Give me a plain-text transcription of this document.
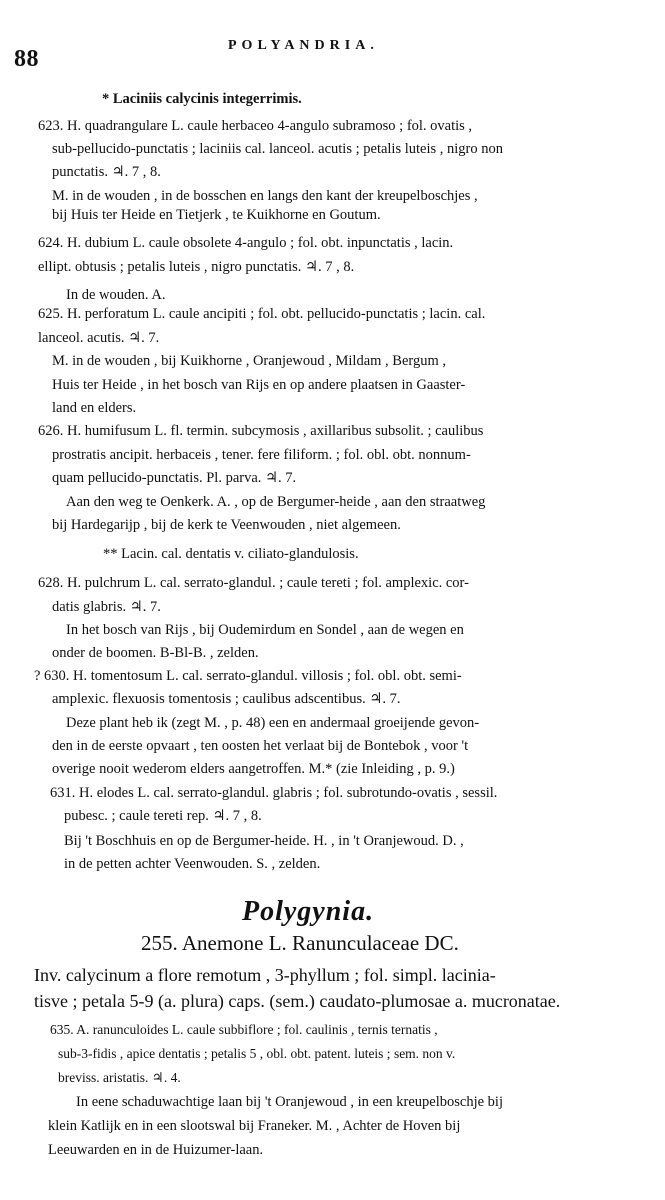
88
POLYANDRIA.
* Laciniis calycinis integerrimis.
623. H. quadrangulare L. caule herbaceo 4-angulo subramoso ; fol. ovatis ,
sub-pellucido-punctatis ; laciniis cal. lanceol. acutis ; petalis luteis , nigro non
punctatis. ♃. 7 , 8.
M. in de wouden , in de bosschen en langs den kant der kreupelboschjes ,
bij Huis ter Heide en Tietjerk , te Kuikhorne en Goutum.
624. H. dubium L. caule obsolete 4-angulo ; fol. obt. inpunctatis , lacin.
ellipt. obtusis ; petalis luteis , nigro punctatis. ♃. 7 , 8.
In de wouden. A.
625. H. perforatum L. caule ancipiti ; fol. obt. pellucido-punctatis ; lacin. cal.
lanceol. acutis. ♃. 7.
M. in de wouden , bij Kuikhorne , Oranjewoud , Mildam , Bergum ,
Huis ter Heide , in het bosch van Rijs en op andere plaatsen in Gaaster-
land en elders.
626. H. humifusum L. fl. termin. subcymosis , axillaribus subsolit. ; caulibus
prostratis ancipit. herbaceis , tener. fere filiform. ; fol. obl. obt. nonnum-
quam pellucido-punctatis. Pl. parva. ♃. 7.
Aan den weg te Oenkerk. A. , op de Bergumer-heide , aan den straatweg
bij Hardegarijp , bij de kerk te Veenwouden , niet algemeen.
** Lacin. cal. dentatis v. ciliato-glandulosis.
628. H. pulchrum L. cal. serrato-glandul. ; caule tereti ; fol. amplexic. cor-
datis glabris. ♃. 7.
In het bosch van Rijs , bij Oudemirdum en Sondel , aan de wegen en
onder de boomen. B-Bl-B. , zelden.
? 630. H. tomentosum L. cal. serrato-glandul. villosis ; fol. obl. obt. semi-
amplexic. flexuosis tomentosis ; caulibus adscentibus. ♃. 7.
Deze plant heb ik (zegt M. , p. 48) een en andermaal groeijende gevon-
den in de eerste opvaart , ten oosten het verlaat bij de Bontebok , voor 't
overige nooit wederom elders aangetroffen. M.* (zie Inleiding , p. 9.)
631. H. elodes L. cal. serrato-glandul. glabris ; fol. subrotundo-ovatis , sessil.
pubesc. ; caule tereti rep. ♃. 7 , 8.
Bij 't Boschhuis en op de Bergumer-heide. H. , in 't Oranjewoud. D. ,
in de petten achter Veenwouden. S. , zelden.
Polygynia.
255. Anemone L. Ranunculaceae DC.
Inv. calycinum a flore remotum , 3-phyllum ; fol. simpl. lacinia-
tisve ; petala 5-9 (a. plura) caps. (sem.) caudato-plumosae a. mucronatae.
635. A. ranunculoides L. caule subbiflore ; fol. caulinis , ternis ternatis ,
sub-3-fidis , apice dentatis ; petalis 5 , obl. obt. patent. luteis ; sem. non v.
breviss. aristatis. ♃. 4.
In eene schaduwachtige laan bij 't Oranjewoud , in een kreupelboschje bij
klein Katlijk en in een slootswal bij Franeker. M. , Achter de Hoven bij
Leeuwarden en in de Huizumer-laan.
